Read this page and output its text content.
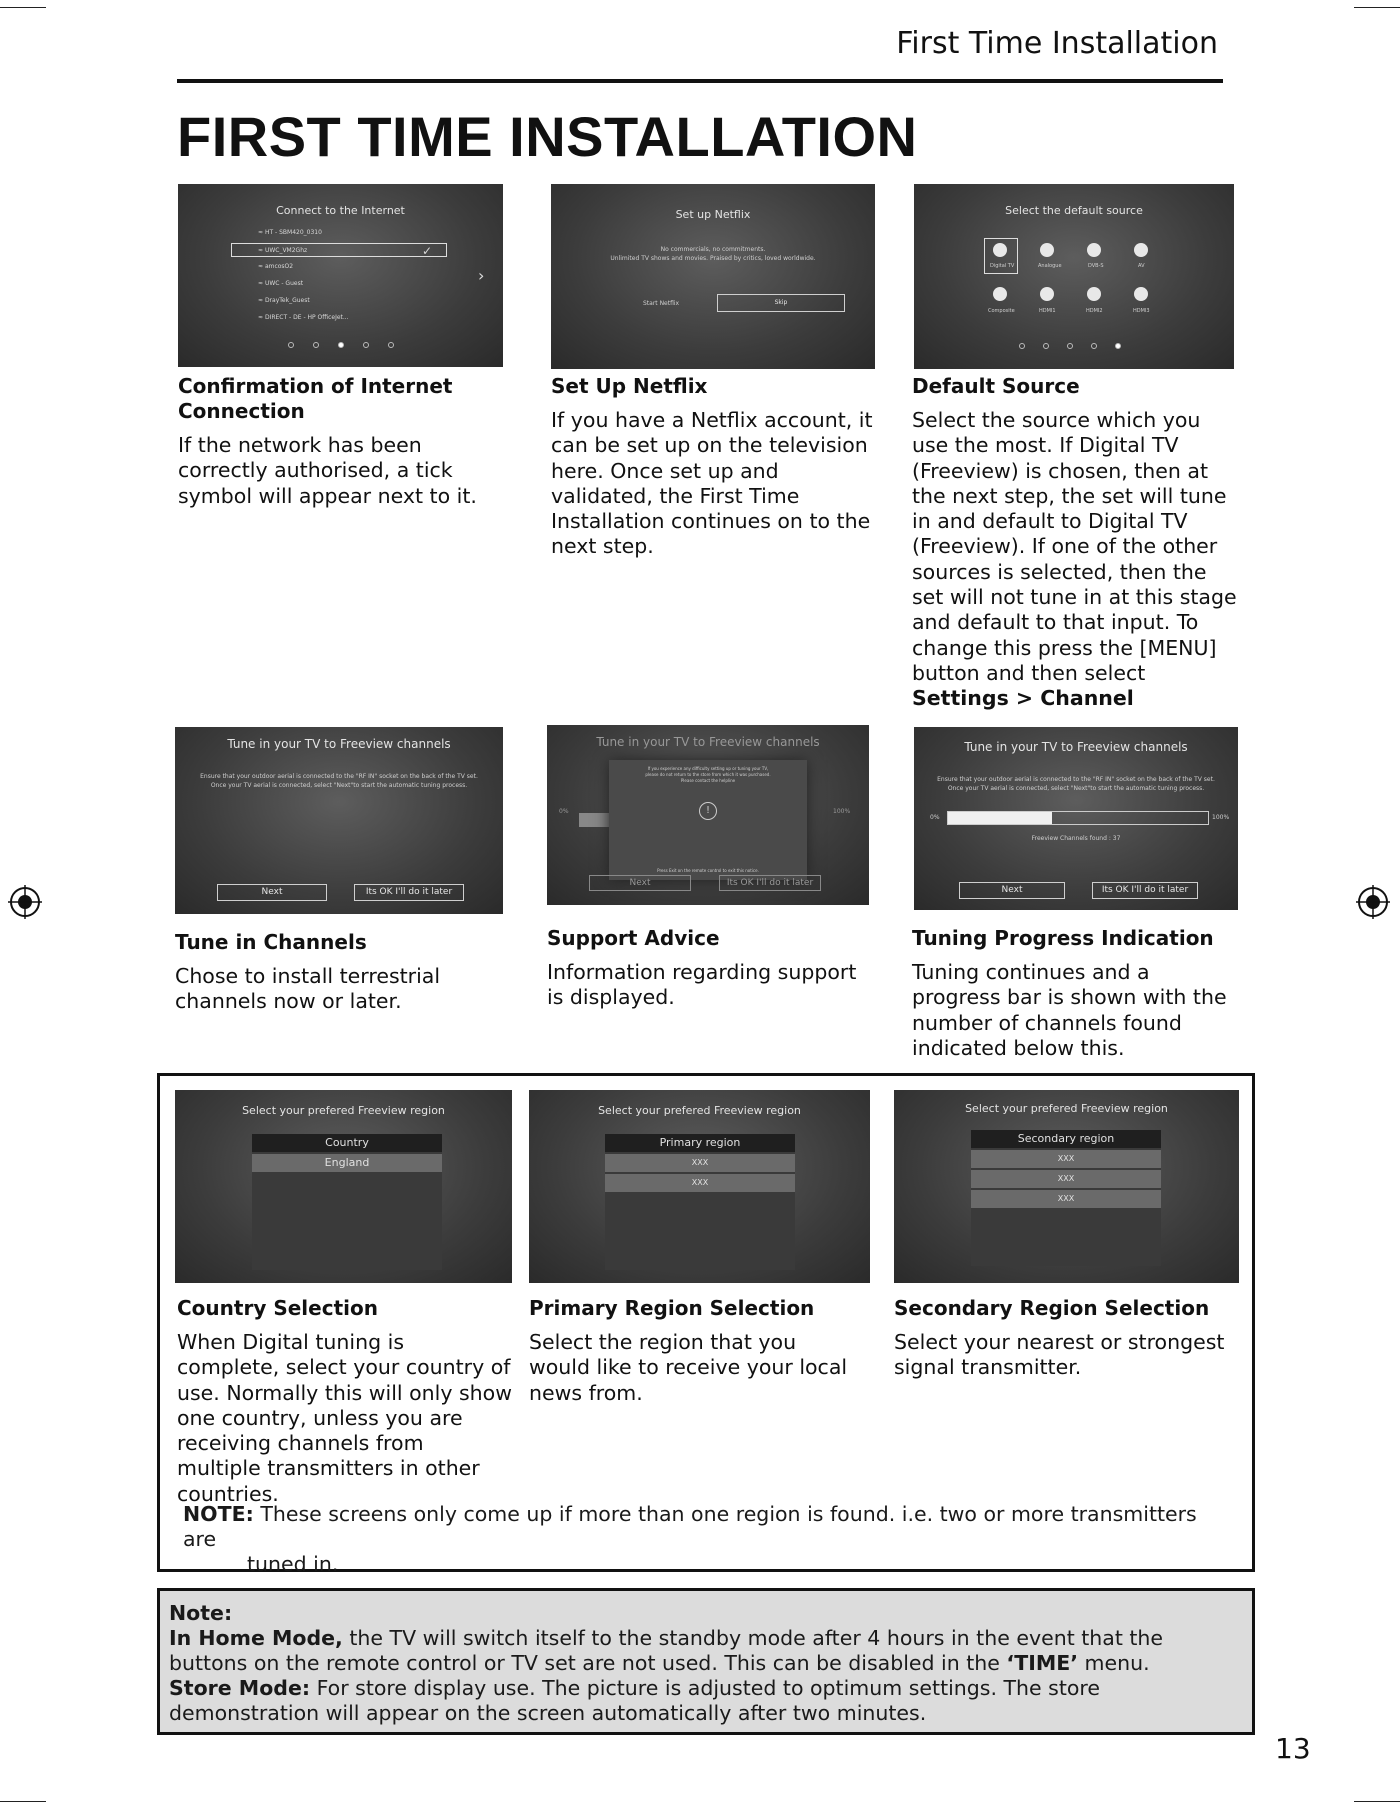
First Time Installation
FIRST TIME INSTALLATION
Connect to the Internet
≈ HT - SBM420_0310
≈ UWC_VM2Ghz	✓
≈ amcosO2
≈ UWC - Guest
≈ DrayTek_Guest
≈ DIRECT - DE - HP OfficeJet...
›
Set up Netflix
No commercials, no commitments.
Unlimited TV shows and movies. Praised by critics, loved worldwide.
Start Netflix	Skip
Select the default source
Digital TV	Analogue	DVB-S	AV
Composite	HDMI1	HDMI2	HDMI3
Confirmation of Internet Connection
If the network has been correctly authorised, a tick symbol will appear next to it.
Set Up Netflix
If you have a Netflix account, it can be set up on the television here. Once set up and validated, the First Time Installation continues on to the next step.
Default Source
Select the source which you use the most. If Digital TV (Freeview) is chosen, then at the next step, the set will tune in and default to Digital TV (Freeview). If one of the other sources is selected, then the set will not tune in at this stage and default to that input. To change this press the [MENU] button and then select Settings > Channel
Tune in your TV to Freeview channels
Ensure that your outdoor aerial is connected to the "RF IN" socket on the back of the TV set.
Once your TV aerial is connected, select "Next"to start the automatic tuning process.
Next	Its OK I'll do it later
Tune in your TV to Freeview channels
0%	100%
If you experience any difficulty setting up or tuning your TV,
please do not return to the store from which it was purchased.
Please contact the helpline
!
Press Exit on the remote control to exit this notice.
Next	Its OK I'll do it later
Tune in your TV to Freeview channels
Ensure that your outdoor aerial is connected to the "RF IN" socket on the back of the TV set.
Once your TV aerial is connected, select "Next"to start the automatic tuning process.
0%	100%
Freeview Channels found : 37
Next	Its OK I'll do it later
Tune in Channels
Chose to install terrestrial channels now or later.
Support Advice
Information regarding support is displayed.
Tuning Progress Indication
Tuning continues and a progress bar is shown with the number of channels found indicated below this.
Select your prefered Freeview region
Country
England
Select your prefered Freeview region
Primary region
XXX
XXX
Select your prefered Freeview region
Secondary region
XXX
XXX
XXX
Country Selection
When Digital tuning is complete, select your country of use. Normally this will only show one country, unless you are receiving channels from multiple transmitters in other countries.
Primary Region Selection
Select the region that you would like to receive your local news from.
Secondary Region Selection
Select your nearest or strongest signal transmitter.
NOTE: These screens only come up if more than one region is found. i.e. two or more transmitters are
tuned in.
Note:
In Home Mode, the TV will switch itself to the standby mode after 4 hours in the event that the buttons on the remote control or TV set are not used. This can be disabled in the ‘TIME’ menu.
Store Mode: For store display use. The picture is adjusted to optimum settings. The store demonstration will appear on the screen automatically after two minutes.
13
